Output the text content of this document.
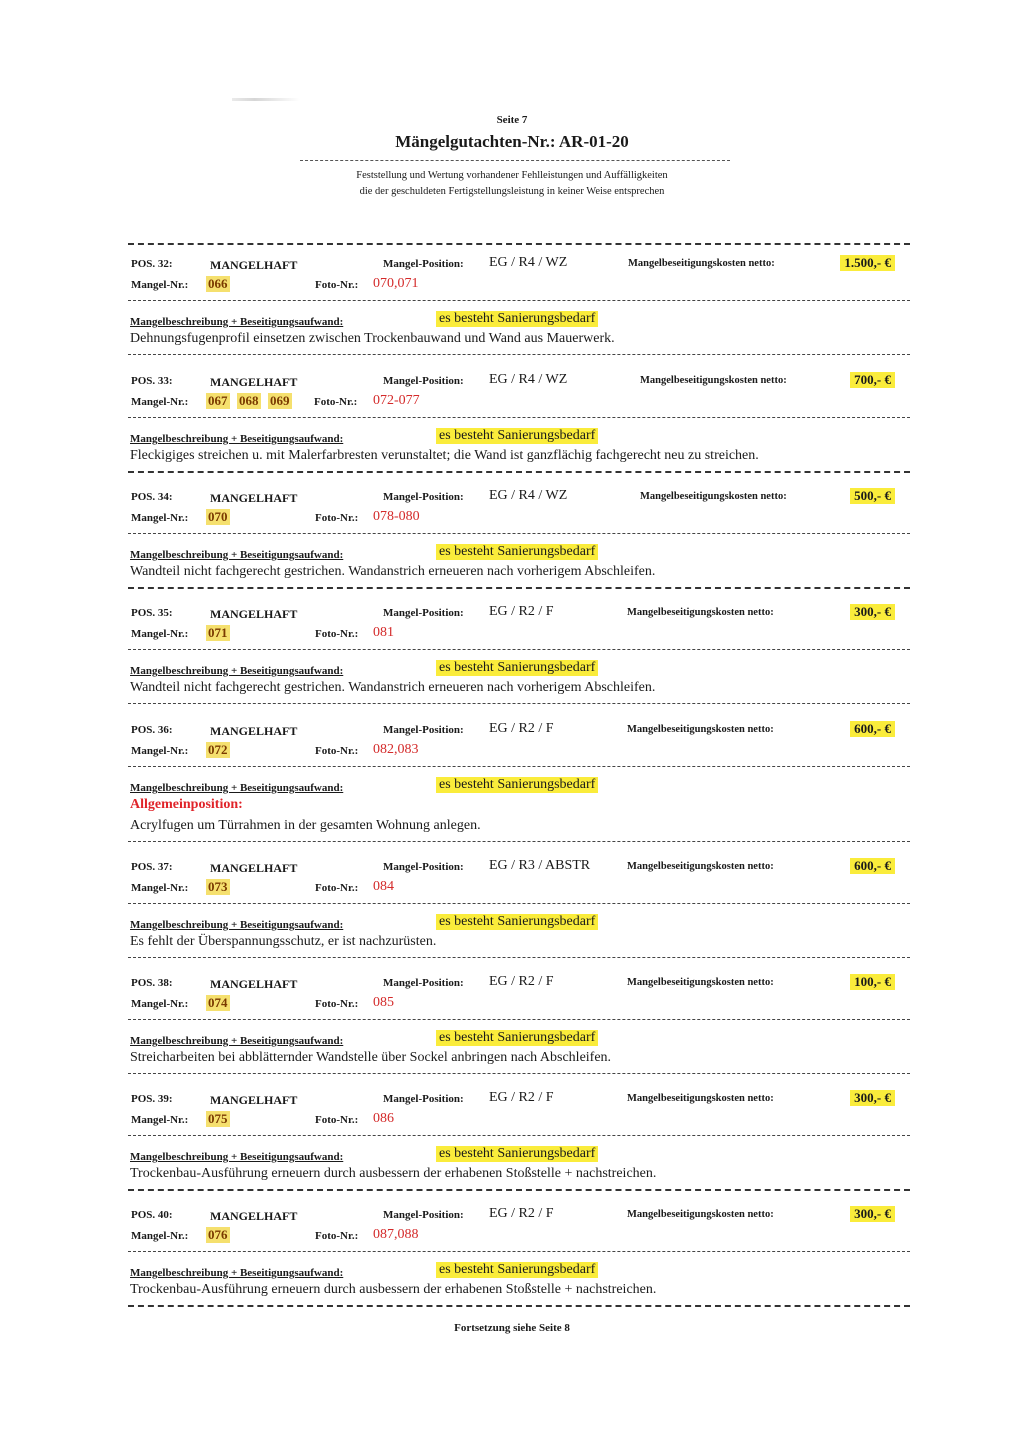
Seite 7
Mängelgutachten-Nr.: AR-01-20
Feststellung und Wertung vorhandener Fehlleistungen und Auffälligkeiten
die der geschuldeten Fertigstellungsleistung in keiner Weise entsprechen
POS. 32:	MANGELHAFT	Mangel-Position: EG / R4 / WZ	Mangelbeseitigungskosten netto:	1.500,- €
Mangel-Nr.: 066	Foto-Nr.: 070,071
Mangelbeschreibung + Beseitigungsaufwand:	es besteht Sanierungsbedarf
Dehnungsfugenprofil einsetzen zwischen Trockenbauwand und Wand aus Mauerwerk.
POS. 33:	MANGELHAFT	Mangel-Position: EG / R4 / WZ	Mangelbeseitigungskosten netto:	700,- €
Mangel-Nr.: 067 068 069 Foto-Nr.: 072-077
Mangelbeschreibung + Beseitigungsaufwand:	es besteht Sanierungsbedarf
Fleckigiges streichen u. mit Malerfarbresten verunstaltet; die Wand ist ganzflächig fachgerecht neu zu streichen.
POS. 34:	MANGELHAFT	Mangel-Position: EG / R4 / WZ	Mangelbeseitigungskosten netto:	500,- €
Mangel-Nr.: 070	Foto-Nr.: 078-080
Mangelbeschreibung + Beseitigungsaufwand:	es besteht Sanierungsbedarf
Wandteil nicht fachgerecht gestrichen. Wandanstrich erneueren nach vorherigem Abschleifen.
POS. 35:	MANGELHAFT	Mangel-Position: EG / R2 / F	Mangelbeseitigungskosten netto:	300,- €
Mangel-Nr.: 071	Foto-Nr.: 081
Mangelbeschreibung + Beseitigungsaufwand:	es besteht Sanierungsbedarf
Wandteil nicht fachgerecht gestrichen. Wandanstrich erneueren nach vorherigem Abschleifen.
POS. 36:	MANGELHAFT	Mangel-Position: EG / R2 / F	Mangelbeseitigungskosten netto:	600,- €
Mangel-Nr.: 072	Foto-Nr.: 082,083
Mangelbeschreibung + Beseitigungsaufwand:	es besteht Sanierungsbedarf
Allgemeinposition:
Acrylfugen um Türrahmen in der gesamten Wohnung anlegen.
POS. 37:	MANGELHAFT	Mangel-Position: EG / R3 / ABSTR	Mangelbeseitigungskosten netto:	600,- €
Mangel-Nr.: 073	Foto-Nr.: 084
Mangelbeschreibung + Beseitigungsaufwand:	es besteht Sanierungsbedarf
Es fehlt der Überspannungsschutz, er ist nachzurüsten.
POS. 38:	MANGELHAFT	Mangel-Position: EG / R2 / F	Mangelbeseitigungskosten netto:	100,- €
Mangel-Nr.: 074	Foto-Nr.: 085
Mangelbeschreibung + Beseitigungsaufwand:	es besteht Sanierungsbedarf
Streicharbeiten bei abblätternder Wandstelle über Sockel anbringen nach Abschleifen.
POS. 39:	MANGELHAFT	Mangel-Position: EG / R2 / F	Mangelbeseitigungskosten netto:	300,- €
Mangel-Nr.: 075	Foto-Nr.: 086
Mangelbeschreibung + Beseitigungsaufwand:	es besteht Sanierungsbedarf
Trockenbau-Ausführung erneuern durch ausbessern der erhabenen Stoßstelle + nachstreichen.
POS. 40:	MANGELHAFT	Mangel-Position: EG / R2 / F	Mangelbeseitigungskosten netto:	300,- €
Mangel-Nr.: 076	Foto-Nr.: 087,088
Mangelbeschreibung + Beseitigungsaufwand:	es besteht Sanierungsbedarf
Trockenbau-Ausführung erneuern durch ausbessern der erhabenen Stoßstelle + nachstreichen.
Fortsetzung siehe Seite 8
